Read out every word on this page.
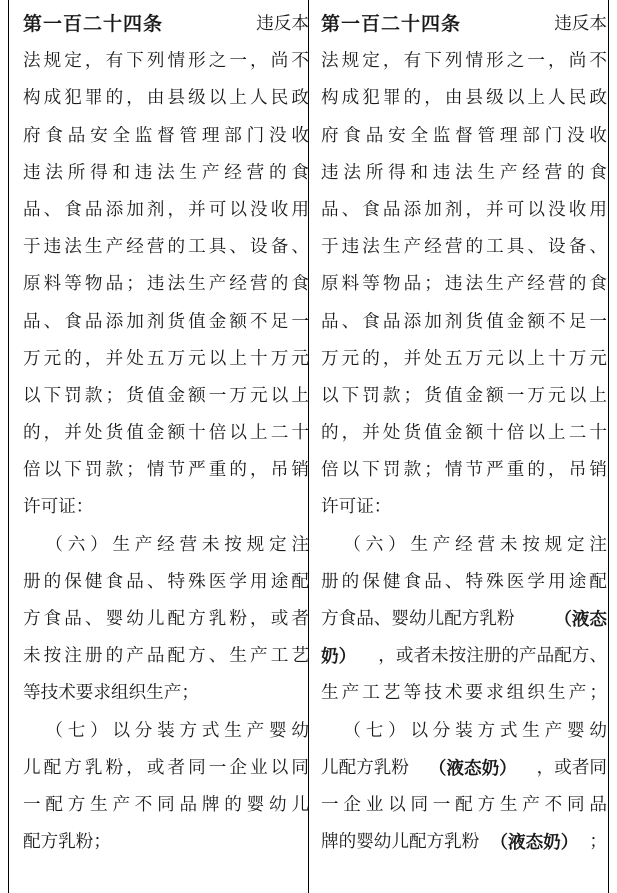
第一百二十四条	违反本
法 规 定 ， 有 下 列 情 形 之 一 ， 尚 不
构 成 犯 罪 的 ， 由 县 级 以 上 人 民 政
府 食 品 安 全 监 督 管 理 部 门 没 收
违 法 所 得 和 违 法 生 产 经 营 的 食
品 、 食 品 添 加 剂 ， 并 可 以 没 收 用
于 违 法 生 产 经 营 的 工 具 、 设 备 、
原 料 等 物 品 ； 违 法 生 产 经 营 的 食
品 、 食 品 添 加 剂 货 值 金 额 不 足 一
万 元 的 ， 并 处 五 万 元 以 上 十 万 元
以 下 罚 款 ； 货 值 金 额 一 万 元 以 上
的 ， 并 处 货 值 金 额 十 倍 以 上 二 十
倍 以 下 罚 款 ； 情 节 严 重 的 ， 吊 销
许可证：

（ 六 ） 生 产 经 营 未 按 规 定 注
册 的 保 健 食 品 、 特 殊 医 学 用 途 配
方 食 品 、 婴 幼 儿 配 方 乳 粉 ， 或 者
未 按 注 册 的 产 品 配 方 、 生 产 工 艺
等技术要求组织生产；

（ 七 ） 以 分 装 方 式 生 产 婴 幼
儿 配 方 乳 粉 ， 或 者 同 一 企 业 以 同
一 配 方 生 产 不 同 品 牌 的 婴 幼 儿
配方乳粉；
第一百二十四条	违反本
法 规 定 ， 有 下 列 情 形 之 一 ， 尚 不
构 成 犯 罪 的 ， 由 县 级 以 上 人 民 政
府 食 品 安 全 监 督 管 理 部 门 没 收
违 法 所 得 和 违 法 生 产 经 营 的 食
品 、 食 品 添 加 剂 ， 并 可 以 没 收 用
于 违 法 生 产 经 营 的 工 具 、 设 备 、
原 料 等 物 品 ； 违 法 生 产 经 营 的 食
品 、 食 品 添 加 剂 货 值 金 额 不 足 一
万 元 的 ， 并 处 五 万 元 以 上 十 万 元
以 下 罚 款 ； 货 值 金 额 一 万 元 以 上
的 ， 并 处 货 值 金 额 十 倍 以 上 二 十
倍 以 下 罚 款 ； 情 节 严 重 的 ， 吊 销
许可证：

（ 六 ） 生 产 经 营 未 按 规 定 注
册 的 保 健 食 品 、 特 殊 医 学 用 途 配
方食品、婴幼儿配方乳粉 （液态
奶） ，或者未按注册的产品配方、
生 产 工 艺 等 技 术 要 求 组 织 生 产 ；

（ 七 ） 以 分 装 方 式 生 产 婴 幼
儿配方乳粉 （液态奶） ，或者同
一 企 业 以 同 一 配 方 生 产 不 同 品
牌的婴幼儿配方乳粉 （液态奶） ；
